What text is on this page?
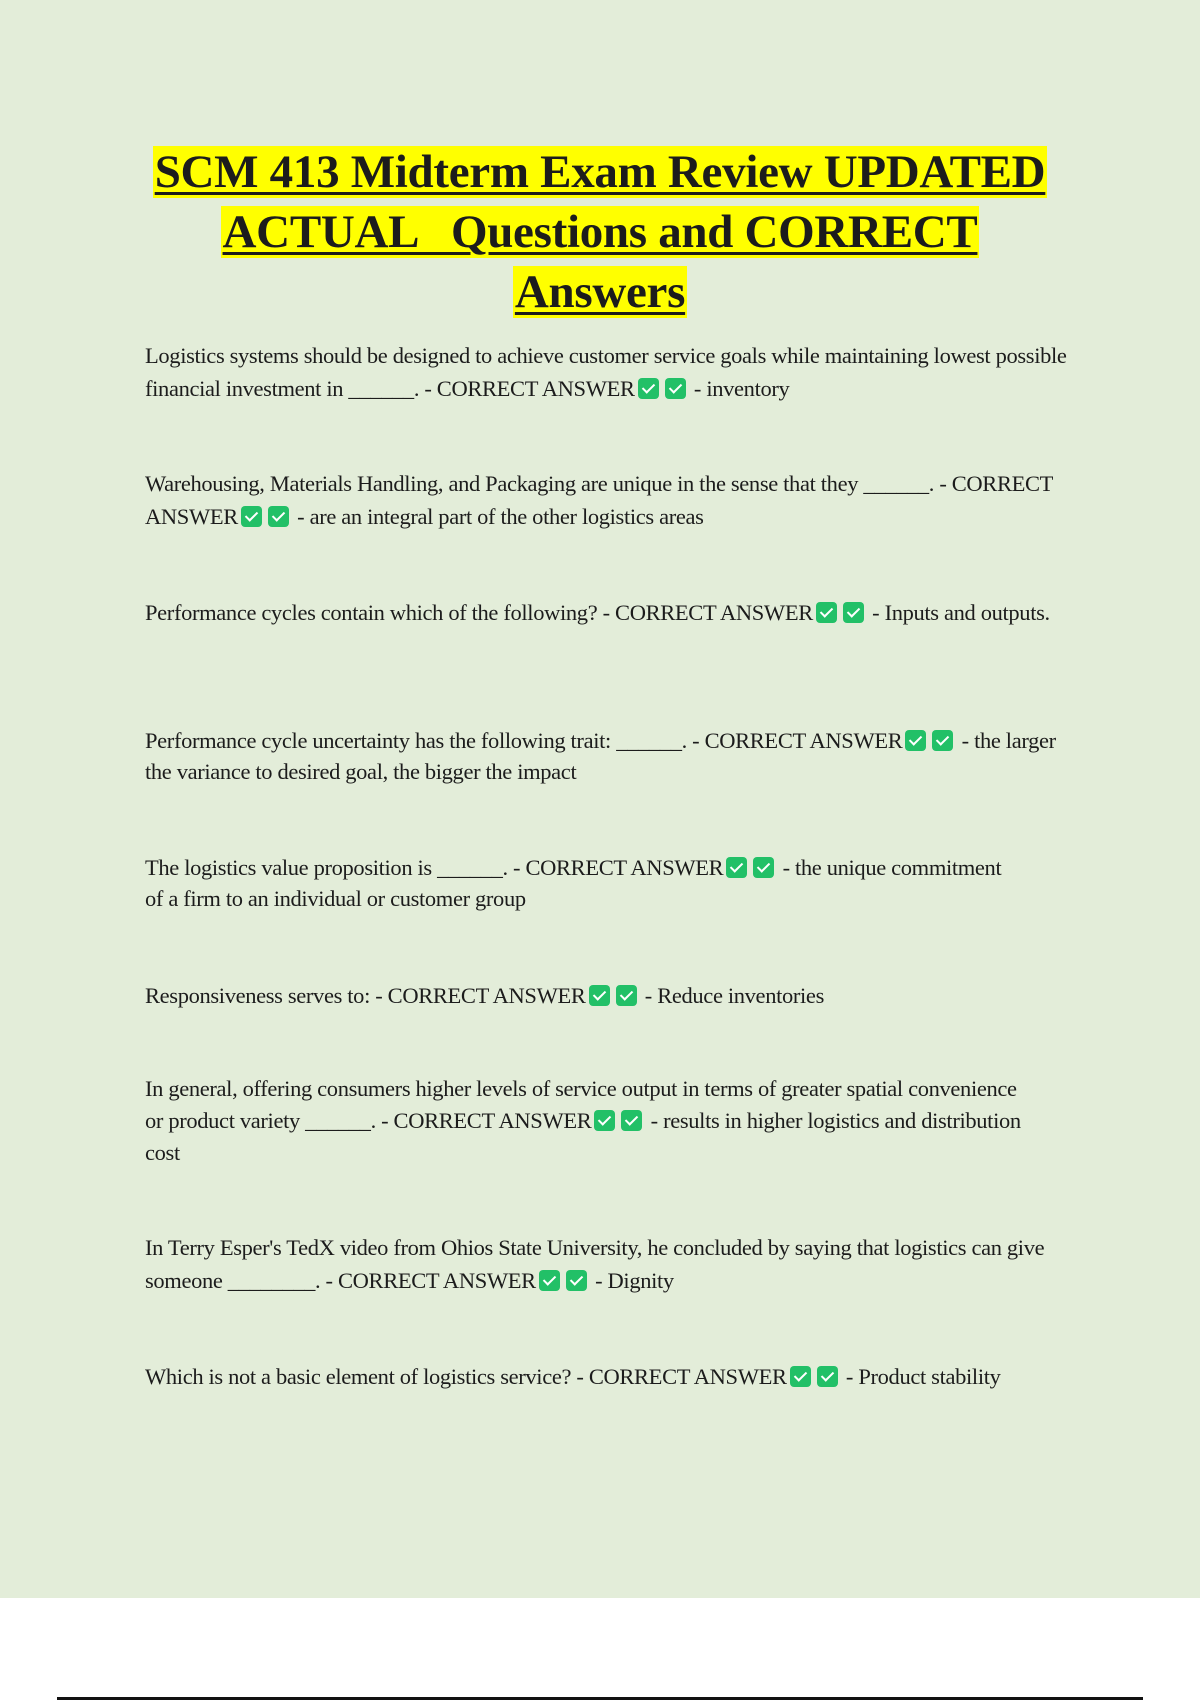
SCM 413 Midterm Exam Review UPDATED
ACTUAL   Questions and CORRECT
Answers

Logistics systems should be designed to achieve customer service goals while maintaining lowest possible financial investment in ______. - CORRECT ANSWER - inventory

Warehousing, Materials Handling, and Packaging are unique in the sense that they ______. - CORRECT ANSWER - are an integral part of the other logistics areas

Performance cycles contain which of the following? - CORRECT ANSWER - Inputs and outputs.

Performance cycle uncertainty has the following trait: ______. - CORRECT ANSWER - the larger the variance to desired goal, the bigger the impact

The logistics value proposition is ______. - CORRECT ANSWER - the unique commitment of a firm to an individual or customer group

Responsiveness serves to: - CORRECT ANSWER - Reduce inventories

In general, offering consumers higher levels of service output in terms of greater spatial convenience or product variety ______. - CORRECT ANSWER - results in higher logistics and distribution cost

In Terry Esper's TedX video from Ohios State University, he concluded by saying that logistics can give someone ________. - CORRECT ANSWER - Dignity

Which is not a basic element of logistics service? - CORRECT ANSWER - Product stability
